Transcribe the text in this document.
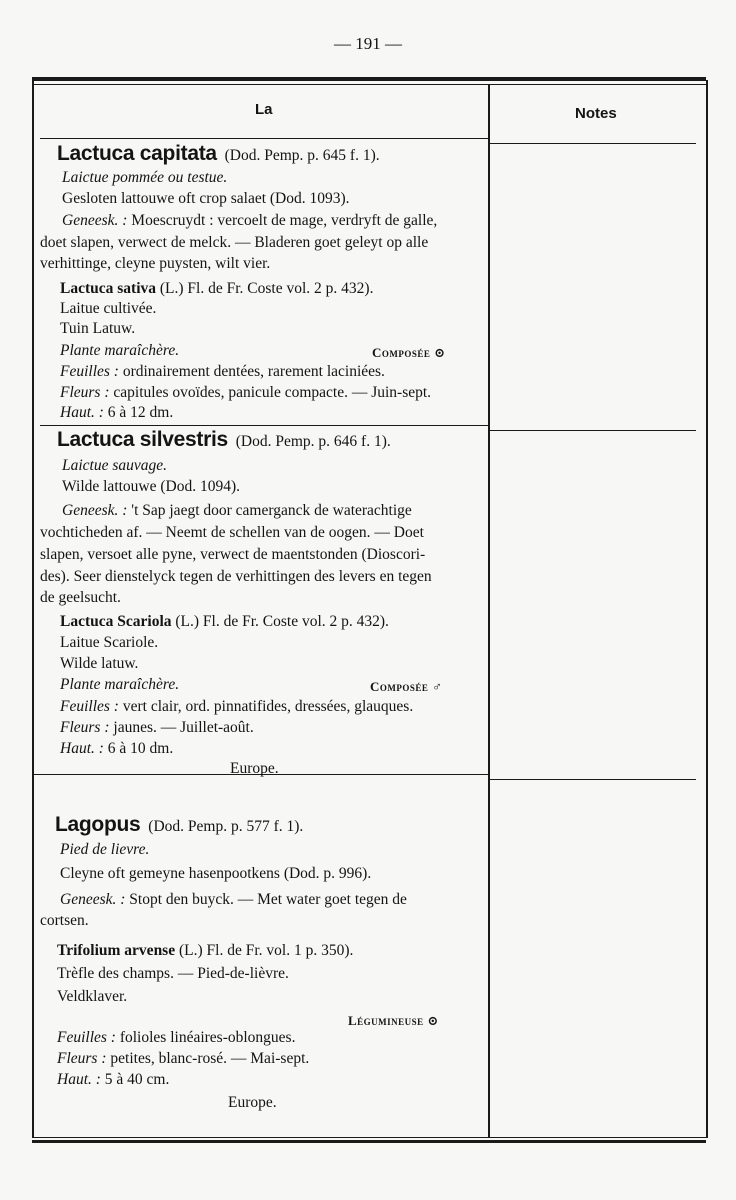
— 191 —
La	Notes
Lactuca capitata (Dod. Pemp. p. 645 f. 1).
Laictue pommée ou testue.
Gesloten lattouwe oft crop salaet (Dod. 1093).
Geneesk. : Moescruydt : vercoelt de mage, verdryft de galle,
doet slapen, verwect de melck. — Bladeren goet geleyt op alle
verhittinge, cleyne puysten, wilt vier.
Lactuca sativa (L.) Fl. de Fr. Coste vol. 2 p. 432).
Laitue cultivée.
Tuin Latuw.
Plante maraîchère.	Composée ⊙
Feuilles : ordinairement dentées, rarement laciniées.
Fleurs : capitules ovoïdes, panicule compacte. — Juin-sept.
Haut. : 6 à 12 dm.
Lactuca silvestris (Dod. Pemp. p. 646 f. 1).
Laictue sauvage.
Wilde lattouwe (Dod. 1094).
Geneesk. : 't Sap jaegt door camerganck de waterachtige
vochticheden af. — Neemt de schellen van de oogen. — Doet
slapen, versoet alle pyne, verwect de maentstonden (Dioscori-
des). Seer dienstelyck tegen de verhittingen des levers en tegen
de geelsucht.
Lactuca Scariola (L.) Fl. de Fr. Coste vol. 2 p. 432).
Laitue Scariole.
Wilde latuw.
Plante maraîchère.	Composée ♂
Feuilles : vert clair, ord. pinnatifides, dressées, glauques.
Fleurs : jaunes. — Juillet-août.
Haut. : 6 à 10 dm.
Europe.
Lagopus (Dod. Pemp. p. 577 f. 1).
Pied de lievre.
Cleyne oft gemeyne hasenpootkens (Dod. p. 996).
Geneesk. : Stopt den buyck. — Met water goet tegen de
cortsen.
Trifolium arvense (L.) Fl. de Fr. vol. 1 p. 350).
Trèfle des champs. — Pied-de-lièvre.
Veldklaver.
Légumineuse ⊙
Feuilles : folioles linéaires-oblongues.
Fleurs : petites, blanc-rosé. — Mai-sept.
Haut. : 5 à 40 cm.
Europe.
